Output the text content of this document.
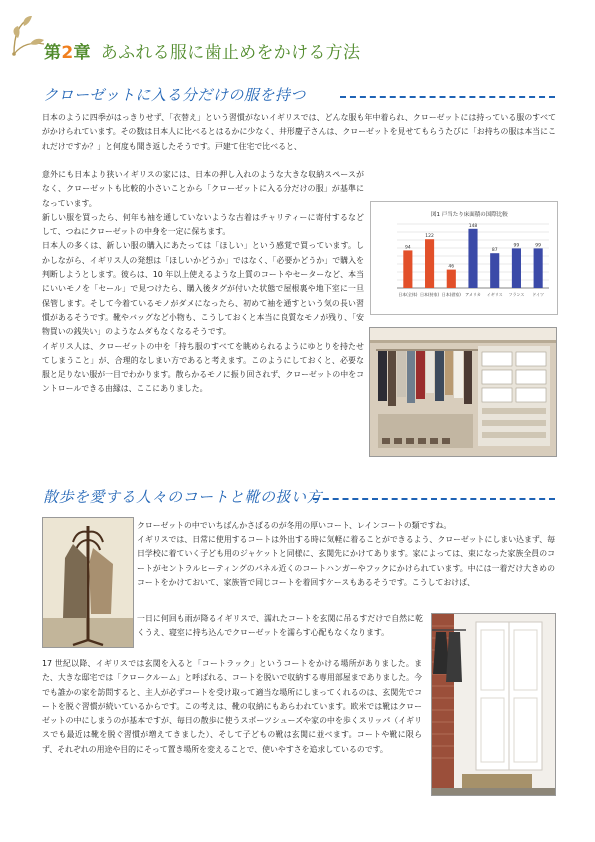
第2章 あふれる服に歯止めをかける方法
クローゼットに入る分だけの服を持つ

日本のように四季がはっきりせず、「衣替え」という習慣がないイギリスでは、どんな服も年中着られ、クローゼットには持っている服のすべてがかけられています。その数は日本人に比べるとはるかに少なく、井形慶子さんは、クローゼットを見せてもらうたびに「お持ちの服は本当にこれだけですか？」と何度も聞き返したそうです。戸建て住宅で比べると、

意外にも日本より狭いイギリスの家には、日本の押し入れのような大きな収納スペースがなく、クローゼットも比較的小さいことから「クローゼットに入る分だけの服」が基準になっています。

新しい服を買ったら、何年も袖を通していないような古着はチャリティーに寄付するなどして、つねにクローゼットの中身を一定に保ちます。

日本人の多くは、新しい服の購入にあたっては「ほしい」という感覚で買っています。しかしながら、イギリス人の発想は「ほしいかどうか」ではなく、「必要かどうか」で購入を判断しようとします。彼らは、10 年以上使えるような上質のコートやセーターなど、本当にいいモノを「セール」で見つけたら、購入後タグが付いた状態で屋根裏や地下室に一旦保管します。そして今着ているモノがダメになったら、初めて袖を通すという気の長い習慣があるそうです。靴やバッグなど小物も、こうしておくと本当に良質なモノが残り、「安物買いの銭失い」のようなムダもなくなるそうです。

イギリス人は、クローゼットの中を「持ち服のすべてを眺められるようにゆとりを持たせてしまうこと」が、合理的なしまい方であると考えます。このようにしておくと、必要な服と足りない服が一目でわかります。散らかるモノに振り回されず、クローゼットの中をコントロールできる由縁は、ここにありました。

図1 戸当たり床面積の国際比較
94
日本(全体)
122
日本(持家)
46
日本(借家)
148
アメリカ
87
イギリス
99
フランス
99
ドイツ
散歩を愛する人々のコートと靴の扱い方

クローゼットの中でいちばんかさばるのが冬用の厚いコート、レインコートの類ですね。

イギリスでは、日常に使用するコートは外出する時に気軽に着ることができるよう、クローゼットにしまい込まず、毎日学校に着ていく子ども用のジャケットと同様に、玄関先にかけてあります。家によっては、束になった家族全員のコートがセントラルヒーティングのパネル近くのコートハンガーやフックにかけられています。中には一着だけ大きめのコートをかけておいて、家族皆で同じコートを着回すケースもあるそうです。こうしておけば、

一日に何回も雨が降るイギリスで、濡れたコートを玄関に吊るすだけで自然に乾くうえ、寝室に持ち込んでクローゼットを濡らす心配もなくなります。

17 世紀以降、イギリスでは玄関を入ると「コートラック」というコートをかける場所がありました。また、大きな邸宅では「クロークルーム」と呼ばれる、コートを脱いで収納する専用部屋までありました。今でも誰かの家を訪問すると、主人が必ずコートを受け取って適当な場所にしまってくれるのは、玄関先でコートを脱ぐ習慣が続いているからです。この考えは、靴の収納にもあらわれています。欧米では靴はクローゼットの中にしまうのが基本ですが、毎日の散歩に使うスポーツシューズや家の中を歩くスリッパ（イギリスでも最近は靴を脱ぐ習慣が増えてきました）、そして子どもの靴は玄関に並べます。コートや靴に限らず、それぞれの用途や目的にそって置き場所を変えることで、使いやすさを追求しているのです。
